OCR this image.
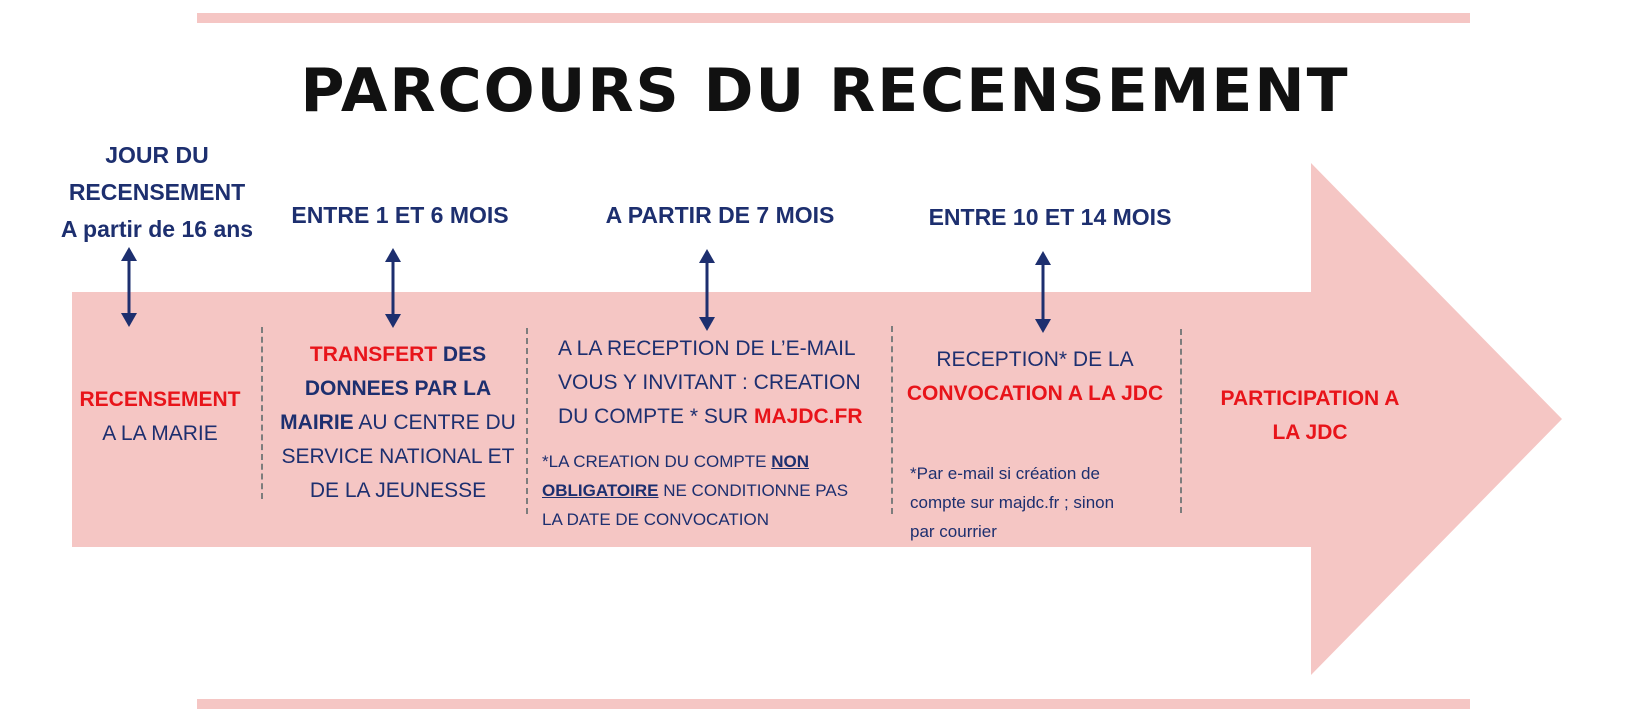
PARCOURS DU RECENSEMENT
JOUR DU
RECENSEMENT
A partir de 16 ans
ENTRE 1 ET 6 MOIS	A PARTIR DE 7 MOIS	ENTRE 10 ET 14 MOIS
RECENSEMENT
A LA MARIE
TRANSFERT DES
DONNEES PAR LA
MAIRIE AU CENTRE DU
SERVICE NATIONAL ET
DE LA JEUNESSE
A LA RECEPTION DE L’E-MAIL
VOUS Y INVITANT : CREATION
DU COMPTE * SUR MAJDC.FR
*LA CREATION DU COMPTE NON
OBLIGATOIRE NE CONDITIONNE PAS
LA DATE DE CONVOCATION
RECEPTION* DE LA
CONVOCATION A LA JDC
*Par e-mail si création de
compte sur majdc.fr ; sinon
par courrier
PARTICIPATION A
LA JDC
